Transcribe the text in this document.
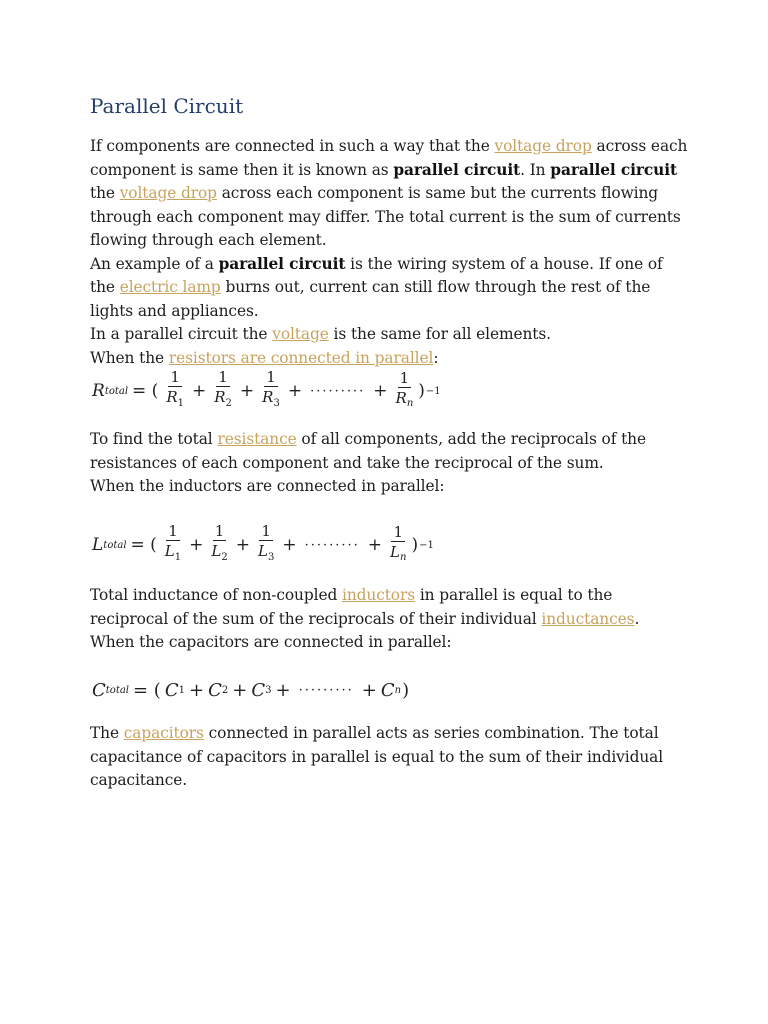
Parallel Circuit

If components are connected in such a way that the voltage drop across each component is same then it is known as parallel circuit. In parallel circuit the voltage drop across each component is same but the currents flowing through each component may differ. The total current is the sum of currents flowing through each element.

An example of a parallel circuit is the wiring system of a house. If one of the electric lamp burns out, current can still flow through the rest of the lights and appliances.

In a parallel circuit the voltage is the same for all elements.

When the resistors are connected in parallel:

R total = ( $\frac{1}{R_1} + \frac{1}{R_2} + \frac{1}{R_3}$ + ········· + $\frac{1}{R_n}$ ) −1

To find the total resistance of all components, add the reciprocals of the resistances of each component and take the reciprocal of the sum.

When the inductors are connected in parallel:

L total = ( $\frac{1}{L_1} + \frac{1}{L_2} + \frac{1}{L_3}$ + ········· + $\frac{1}{L_n}$ ) −1

Total inductance of non-coupled inductors in parallel is equal to the reciprocal of the sum of the reciprocals of their individual inductances.

When the capacitors are connected in parallel:

C total = ( C 1 + C 2 + C 3 + ········· + C n )

The capacitors connected in parallel acts as series combination. The total capacitance of capacitors in parallel is equal to the sum of their individual capacitance.
